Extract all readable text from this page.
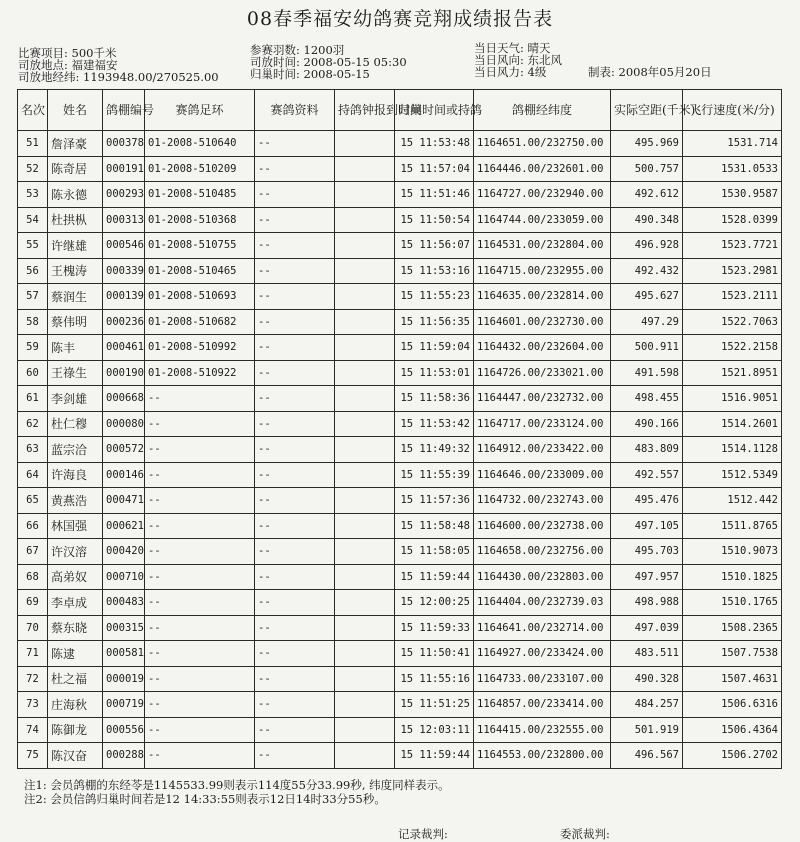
08春季福安幼鸽赛竞翔成绩报告表
比赛项目: 500千米
司放地点: 福建福安
司放地经纬: 1193948.00/270525.00
参赛羽数: 1200羽
司放时间: 2008-05-15 05:30
归巢时间: 2008-05-15
当日天气: 晴天
当日风向: 东北风
当日风力: 4级	制表: 2008年05月20日
名次	姓名	鸽棚编号	赛鸽足环	赛鸽资料	持鸽钟报到时间	归巢时间或持鸽	鸽棚经纬度	实际空距(千米)	飞行速度(米/分)
51	詹泽豪	000378	01-2008-510640	--		15 11:53:48	1164651.00/232750.00	495.969	1531.714
52	陈奇居	000191	01-2008-510209	--		15 11:57:04	1164446.00/232601.00	500.757	1531.0533
53	陈永德	000293	01-2008-510485	--		15 11:51:46	1164727.00/232940.00	492.612	1530.9587
54	杜拱枞	000313	01-2008-510368	--		15 11:50:54	1164744.00/233059.00	490.348	1528.0399
55	许继雄	000546	01-2008-510755	--		15 11:56:07	1164531.00/232804.00	496.928	1523.7721
56	王槐涛	000339	01-2008-510465	--		15 11:53:16	1164715.00/232955.00	492.432	1523.2981
57	蔡润生	000139	01-2008-510693	--		15 11:55:23	1164635.00/232814.00	495.627	1523.2111
58	蔡伟明	000236	01-2008-510682	--		15 11:56:35	1164601.00/232730.00	497.29	1522.7063
59	陈丰	000461	01-2008-510992	--		15 11:59:04	1164432.00/232604.00	500.911	1522.2158
60	王祿生	000190	01-2008-510922	--		15 11:53:01	1164726.00/233021.00	491.598	1521.8951
61	李剑雄	000668	--	--		15 11:58:36	1164447.00/232732.00	498.455	1516.9051
62	杜仁穆	000080	--	--		15 11:53:42	1164717.00/233124.00	490.166	1514.2601
63	蓝宗洽	000572	--	--		15 11:49:32	1164912.00/233422.00	483.809	1514.1128
64	许海良	000146	--	--		15 11:55:39	1164646.00/233009.00	492.557	1512.5349
65	黄燕浩	000471	--	--		15 11:57:36	1164732.00/232743.00	495.476	1512.442
66	林国强	000621	--	--		15 11:58:48	1164600.00/232738.00	497.105	1511.8765
67	许汉溶	000420	--	--		15 11:58:05	1164658.00/232756.00	495.703	1510.9073
68	高弟奴	000710	--	--		15 11:59:44	1164430.00/232803.00	497.957	1510.1825
69	李卓成	000483	--	--		15 12:00:25	1164404.00/232739.03	498.988	1510.1765
70	蔡东晓	000315	--	--		15 11:59:33	1164641.00/232714.00	497.039	1508.2365
71	陈逮	000581	--	--		15 11:50:41	1164927.00/233424.00	483.511	1507.7538
72	杜之福	000019	--	--		15 11:55:16	1164733.00/233107.00	490.328	1507.4631
73	庄海秋	000719	--	--		15 11:51:25	1164857.00/233414.00	484.257	1506.6316
74	陈御龙	000556	--	--		15 12:03:11	1164415.00/232555.00	501.919	1506.4364
75	陈汉奋	000288	--	--		15 11:59:44	1164553.00/232800.00	496.567	1506.2702
注1: 会员鸽棚的东经苓是1145533.99则表示114度55分33.99秒, 纬度同样表示。
注2: 会员信鸽归巢时间若是12 14:33:55则表示12日14时33分55秒。
记录裁判:	委派裁判:
